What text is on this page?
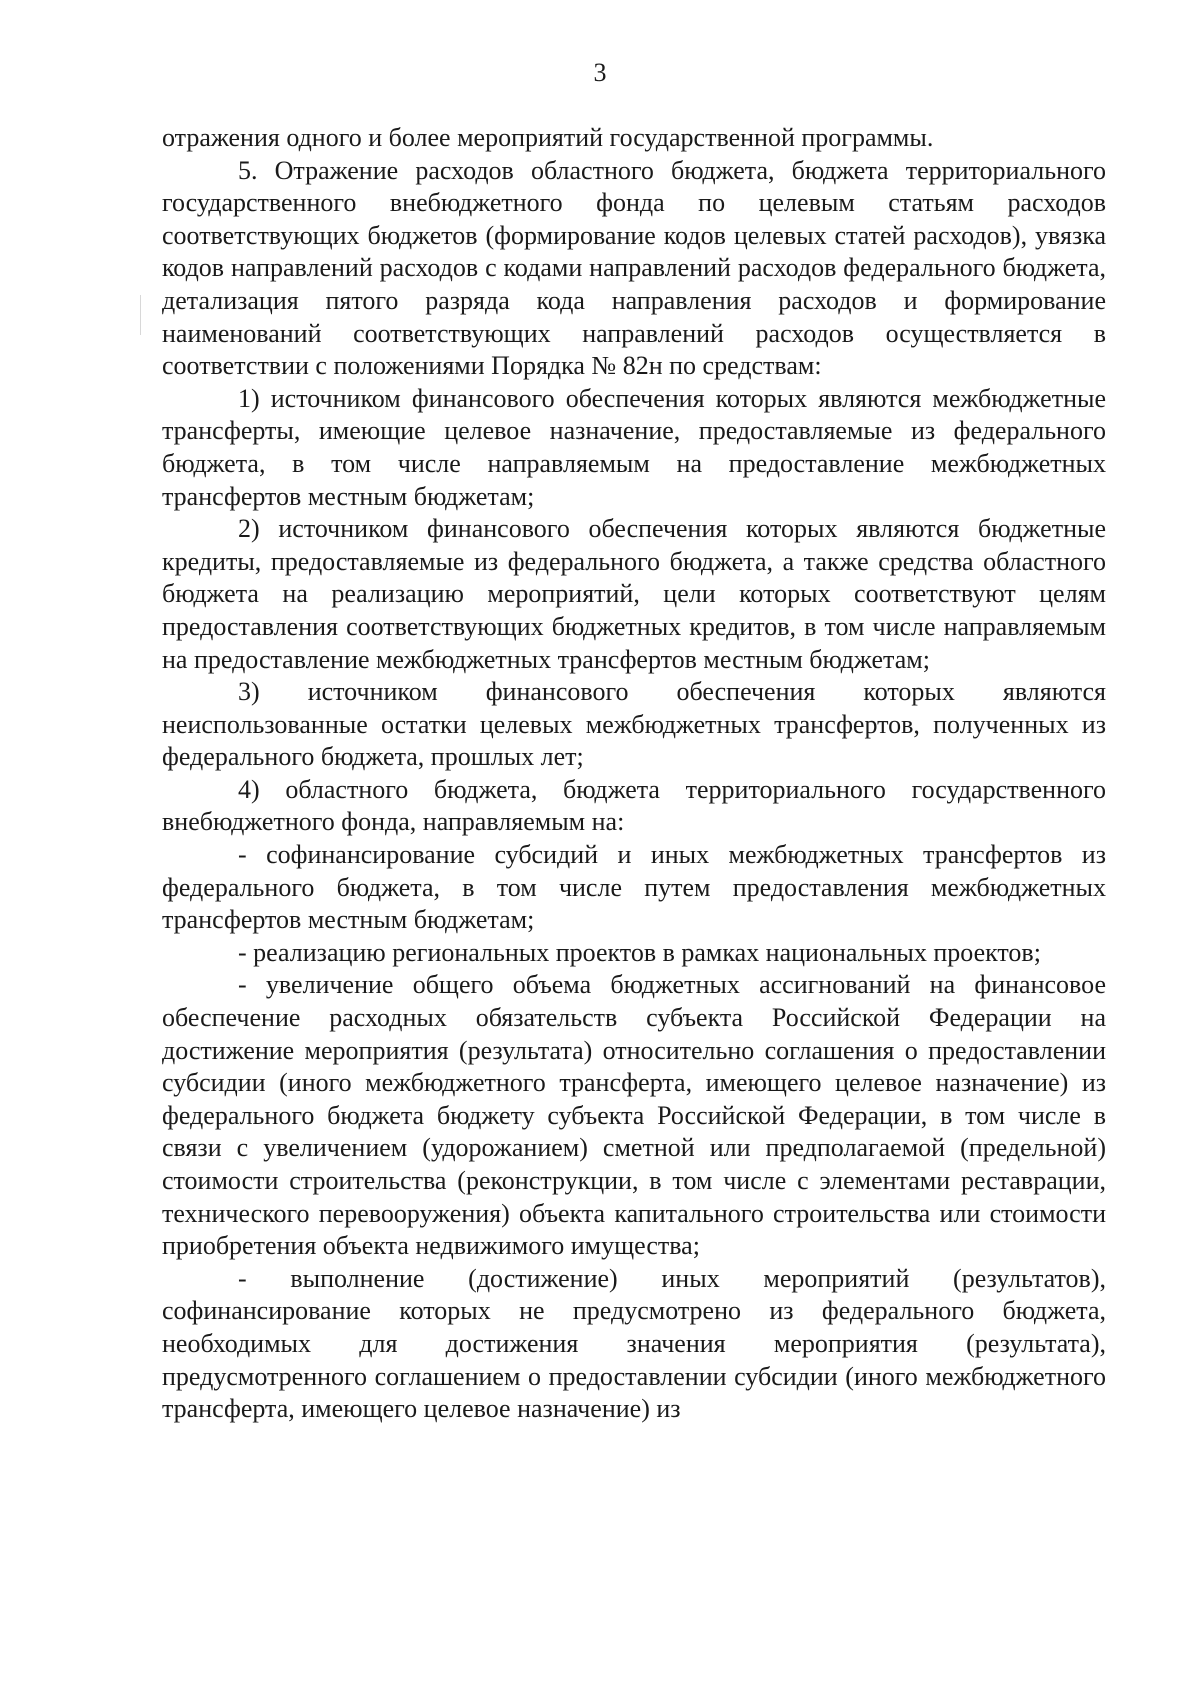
3

отражения одного и более мероприятий государственной программы.

5. Отражение расходов областного бюджета, бюджета территориального государственного внебюджетного фонда по целевым статьям расходов соответствующих бюджетов (формирование кодов целевых статей расходов), увязка кодов направлений расходов с кодами направлений расходов федерального бюджета, детализация пятого разряда кода направления расходов и формирование наименований соответствующих направлений расходов осуществляется в соответствии с положениями Порядка № 82н по средствам:

1) источником финансового обеспечения которых являются межбюджетные трансферты, имеющие целевое назначение, предоставляемые из федерального бюджета, в том числе направляемым на предоставление межбюджетных трансфертов местным бюджетам;

2) источником финансового обеспечения которых являются бюджетные кредиты, предоставляемые из федерального бюджета, а также средства областного бюджета на реализацию мероприятий, цели которых соответствуют целям предоставления соответствующих бюджетных кредитов, в том числе направляемым на предоставление межбюджетных трансфертов местным бюджетам;

3) источником финансового обеспечения которых являются неиспользованные остатки целевых межбюджетных трансфертов, полученных из федерального бюджета, прошлых лет;

4) областного бюджета, бюджета территориального государственного внебюджетного фонда, направляемым на:

- софинансирование субсидий и иных межбюджетных трансфертов из федерального бюджета, в том числе путем предоставления межбюджетных трансфертов местным бюджетам;

- реализацию региональных проектов в рамках национальных проектов;

- увеличение общего объема бюджетных ассигнований на финансовое обеспечение расходных обязательств субъекта Российской Федерации на достижение мероприятия (результата) относительно соглашения о предоставлении субсидии (иного межбюджетного трансферта, имеющего целевое назначение) из федерального бюджета бюджету субъекта Российской Федерации, в том числе в связи с увеличением (удорожанием) сметной или предполагаемой (предельной) стоимости строительства (реконструкции, в том числе с элементами реставрации, технического перевооружения) объекта капитального строительства или стоимости приобретения объекта недвижимого имущества;

- выполнение (достижение) иных мероприятий (результатов), софинансирование которых не предусмотрено из федерального бюджета, необходимых для достижения значения мероприятия (результата), предусмотренного соглашением о предоставлении субсидии (иного межбюджетного трансферта, имеющего целевое назначение) из
